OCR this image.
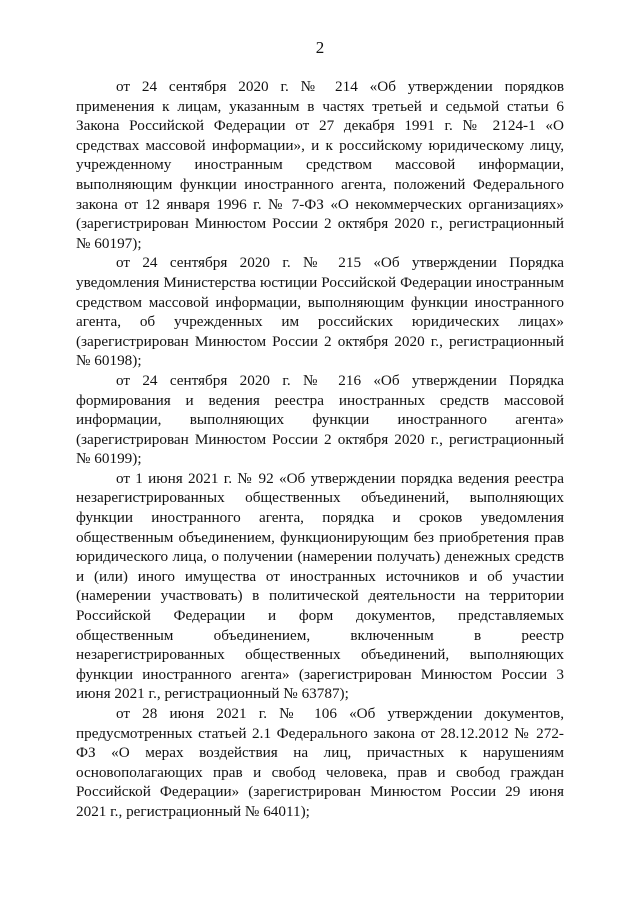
2

от 24 сентября 2020 г. № 214 «Об утверждении порядков применения к лицам, указанным в частях третьей и седьмой статьи 6 Закона Российской Федерации от 27 декабря 1991 г. № 2124-1 «О средствах массовой информации», и к российскому юридическому лицу, учрежденному иностранным средством массовой информации, выполняющим функции иностранного агента, положений Федерального закона от 12 января 1996 г. № 7-ФЗ «О некоммерческих организациях» (зарегистрирован Минюстом России 2 октября 2020 г., регистрационный № 60197);

от 24 сентября 2020 г. № 215 «Об утверждении Порядка уведомления Министерства юстиции Российской Федерации иностранным средством массовой информации, выполняющим функции иностранного агента, об учрежденных им российских юридических лицах» (зарегистрирован Минюстом России 2 октября 2020 г., регистрационный № 60198);

от 24 сентября 2020 г. № 216 «Об утверждении Порядка формирования и ведения реестра иностранных средств массовой информации, выполняющих функции иностранного агента» (зарегистрирован Минюстом России 2 октября 2020 г., регистрационный № 60199);

от 1 июня 2021 г. № 92 «Об утверждении порядка ведения реестра незарегистрированных общественных объединений, выполняющих функции иностранного агента, порядка и сроков уведомления общественным объединением, функционирующим без приобретения прав юридического лица, о получении (намерении получать) денежных средств и (или) иного имущества от иностранных источников и об участии (намерении участвовать) в политической деятельности на территории Российской Федерации и форм документов, представляемых общественным объединением, включенным в реестр незарегистрированных общественных объединений, выполняющих функции иностранного агента» (зарегистрирован Минюстом России 3 июня 2021 г., регистрационный № 63787);

от 28 июня 2021 г. № 106 «Об утверждении документов, предусмотренных статьей 2.1 Федерального закона от 28.12.2012 № 272-ФЗ «О мерах воздействия на лиц, причастных к нарушениям основополагающих прав и свобод человека, прав и свобод граждан Российской Федерации» (зарегистрирован Минюстом России 29 июня 2021 г., регистрационный № 64011);
